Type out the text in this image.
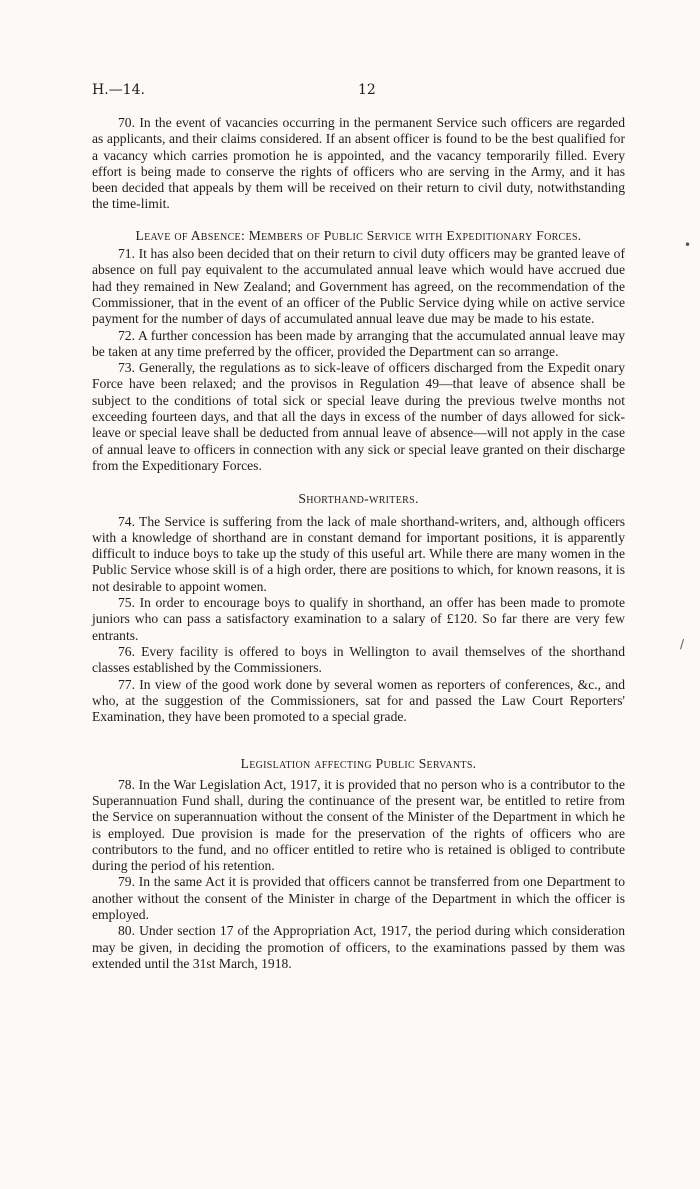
H.—14.	12
•
/

70. In the event of vacancies occurring in the permanent Service such officers are regarded as applicants, and their claims considered. If an absent officer is found to be the best qualified for a vacancy which carries promotion he is appointed, and the vacancy temporarily filled. Every effort is being made to conserve the rights of officers who are serving in the Army, and it has been decided that appeals by them will be received on their return to civil duty, notwithstanding the time-limit.

Leave of Absence: Members of Public Service with Expeditionary Forces.

71. It has also been decided that on their return to civil duty officers may be granted leave of absence on full pay equivalent to the accumulated annual leave which would have accrued due had they remained in New Zealand; and Government has agreed, on the recommendation of the Commissioner, that in the event of an officer of the Public Service dying while on active service payment for the number of days of accumulated annual leave due may be made to his estate.

72. A further concession has been made by arranging that the accumulated annual leave may be taken at any time preferred by the officer, provided the Department can so arrange.

73. Generally, the regulations as to sick-leave of officers discharged from the Expedit onary Force have been relaxed; and the provisos in Regulation 49—that leave of absence shall be subject to the conditions of total sick or special leave during the previous twelve months not exceeding fourteen days, and that all the days in excess of the number of days allowed for sick-leave or special leave shall be deducted from annual leave of absence—will not apply in the case of annual leave to officers in connection with any sick or special leave granted on their discharge from the Expeditionary Forces.

Shorthand-writers.

74. The Service is suffering from the lack of male shorthand-writers, and, although officers with a knowledge of shorthand are in constant demand for important positions, it is apparently difficult to induce boys to take up the study of this useful art. While there are many women in the Public Service whose skill is of a high order, there are positions to which, for known reasons, it is not desirable to appoint women.

75. In order to encourage boys to qualify in shorthand, an offer has been made to promote juniors who can pass a satisfactory examination to a salary of £120. So far there are very few entrants.

76. Every facility is offered to boys in Wellington to avail themselves of the shorthand classes established by the Commissioners.

77. In view of the good work done by several women as reporters of conferences, &c., and who, at the suggestion of the Commissioners, sat for and passed the Law Court Reporters' Examination, they have been promoted to a special grade.

Legislation affecting Public Servants.

78. In the War Legislation Act, 1917, it is provided that no person who is a contributor to the Superannuation Fund shall, during the continuance of the present war, be entitled to retire from the Service on superannuation without the consent of the Minister of the Department in which he is employed. Due provision is made for the preservation of the rights of officers who are contributors to the fund, and no officer entitled to retire who is retained is obliged to contribute during the period of his retention.

79. In the same Act it is provided that officers cannot be transferred from one Department to another without the consent of the Minister in charge of the Department in which the officer is employed.

80. Under section 17 of the Appropriation Act, 1917, the period during which consideration may be given, in deciding the promotion of officers, to the examinations passed by them was extended until the 31st March, 1918.
